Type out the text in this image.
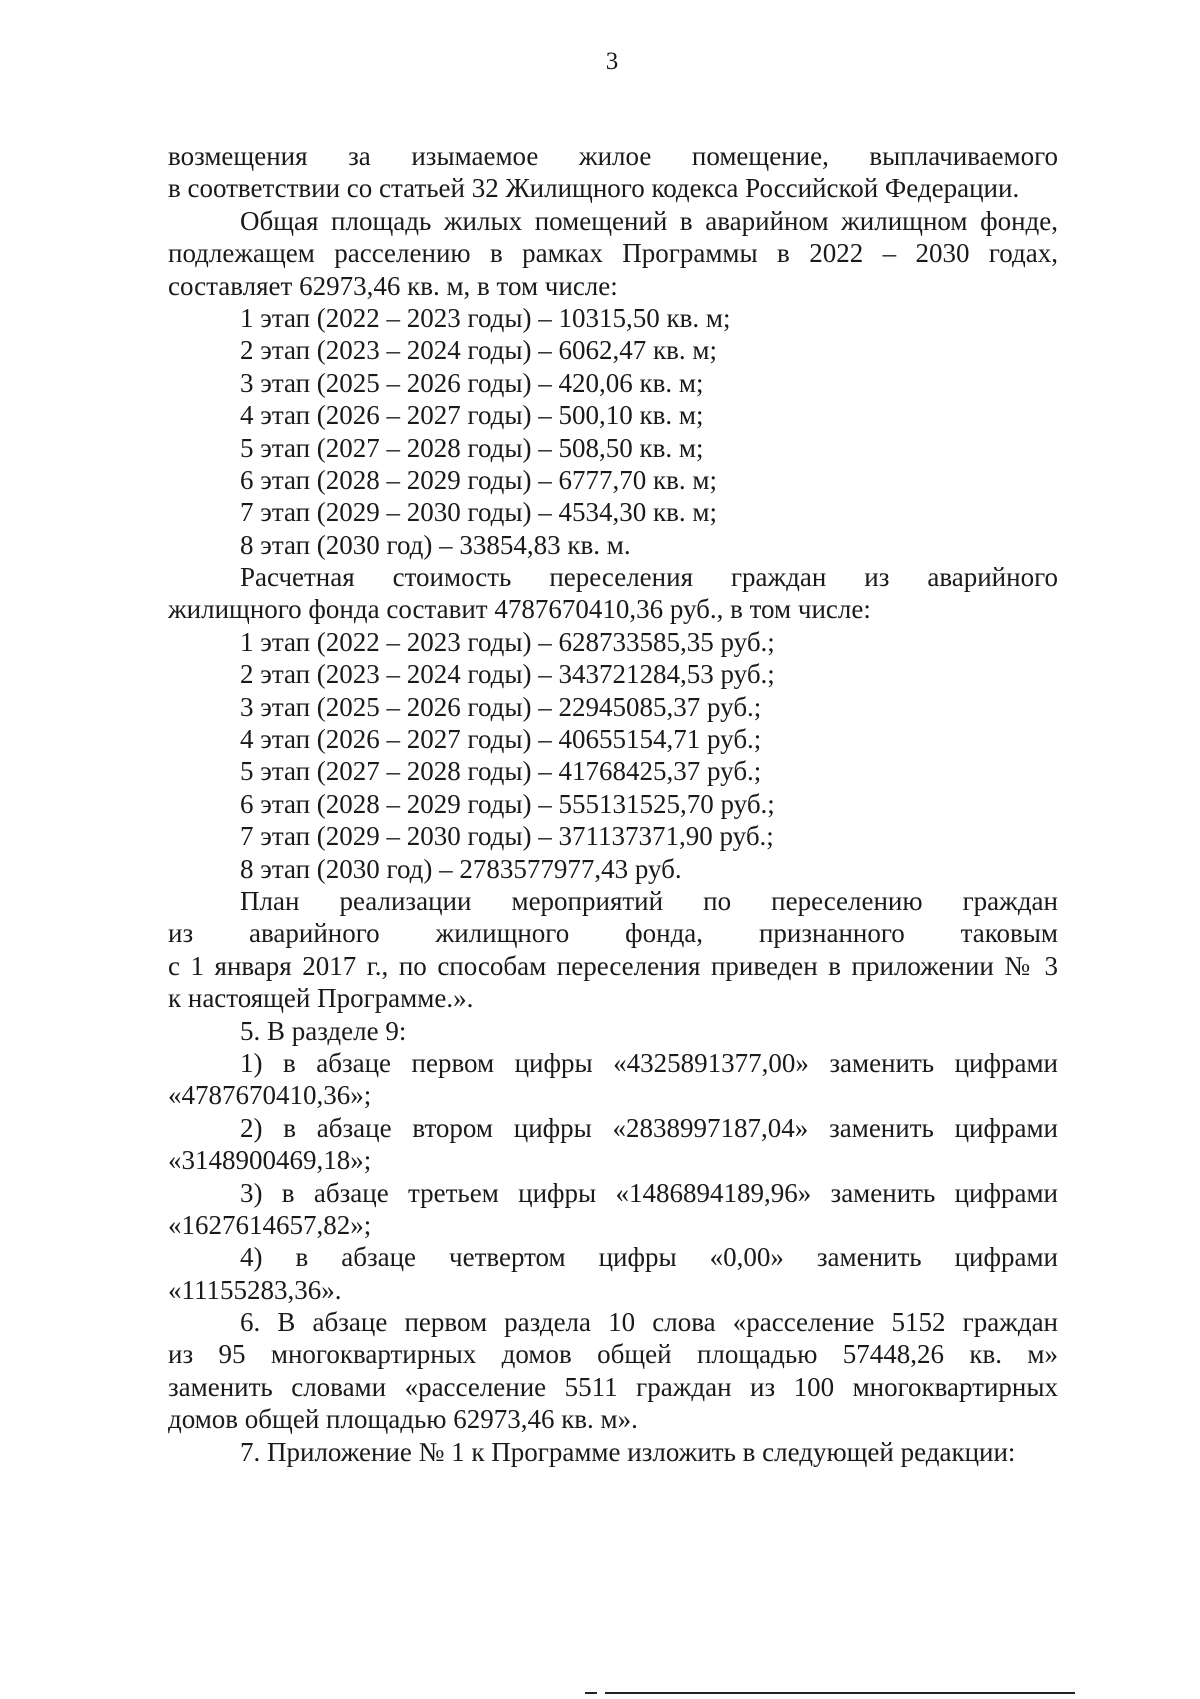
3
возмещения за изымаемое жилое помещение, выплачиваемого
в соответствии со статьей 32 Жилищного кодекса Российской Федерации.
Общая площадь жилых помещений в аварийном жилищном фонде,
подлежащем расселению в рамках Программы в 2022 – 2030 годах,
составляет 62973,46 кв. м, в том числе:
1 этап (2022 – 2023 годы) – 10315,50 кв. м;
2 этап (2023 – 2024 годы) – 6062,47 кв. м;
3 этап (2025 – 2026 годы) – 420,06 кв. м;
4 этап (2026 – 2027 годы) – 500,10 кв. м;
5 этап (2027 – 2028 годы) – 508,50 кв. м;
6 этап (2028 – 2029 годы) – 6777,70 кв. м;
7 этап (2029 – 2030 годы) – 4534,30 кв. м;
8 этап (2030 год) – 33854,83 кв. м.
Расчетная стоимость переселения граждан из аварийного
жилищного фонда составит 4787670410,36 руб., в том числе:
1 этап (2022 – 2023 годы) – 628733585,35 руб.;
2 этап (2023 – 2024 годы) – 343721284,53 руб.;
3 этап (2025 – 2026 годы) – 22945085,37 руб.;
4 этап (2026 – 2027 годы) – 40655154,71 руб.;
5 этап (2027 – 2028 годы) – 41768425,37 руб.;
6 этап (2028 – 2029 годы) – 555131525,70 руб.;
7 этап (2029 – 2030 годы) – 371137371,90 руб.;
8 этап (2030 год) – 2783577977,43 руб.
План реализации мероприятий по переселению граждан
из аварийного жилищного фонда, признанного таковым
с 1 января 2017 г., по способам переселения приведен в приложении № 3
к настоящей Программе.».
5. В разделе 9:
1) в абзаце первом цифры «4325891377,00» заменить цифрами
«4787670410,36»;
2) в абзаце втором цифры «2838997187,04» заменить цифрами
«3148900469,18»;
3) в абзаце третьем цифры «1486894189,96» заменить цифрами
«1627614657,82»;
4) в абзаце четвертом цифры «0,00» заменить цифрами
«11155283,36».
6. В абзаце первом раздела 10 слова «расселение 5152 граждан
из 95 многоквартирных домов общей площадью 57448,26 кв. м»
заменить словами «расселение 5511 граждан из 100 многоквартирных
домов общей площадью 62973,46 кв. м».
7. Приложение № 1 к Программе изложить в следующей редакции:
